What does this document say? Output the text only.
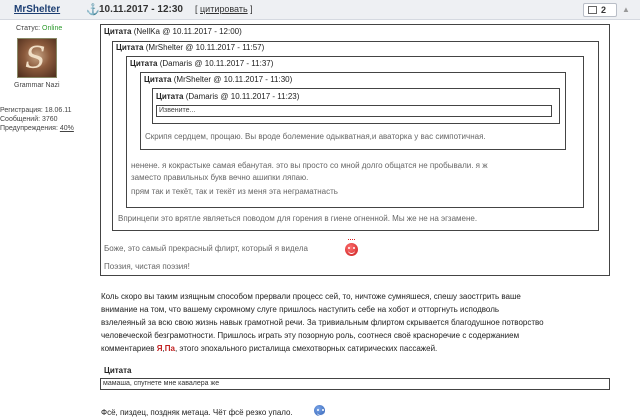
MrShelter ⚓ 10.11.2017 - 12:30 [ цитировать ]	2 ▲
Статус: Online
S
Grammar Nazi
Регистрация: 18.06.11
Сообщений: 3760
Предупреждения: 40%
Цитата (NellKa @ 10.11.2017 - 12:00)
Цитата (MrShelter @ 10.11.2017 - 11:57)
Цитата (Damaris @ 10.11.2017 - 11:37)
Цитата (MrShelter @ 10.11.2017 - 11:30)
Цитата (Damaris @ 10.11.2017 - 11:23)
Извените...
Скрипя сердцем, прощаю. Вы вроде болемение одыкватная,и аваторка у вас симпотичная.
ненене. я кокрастыке самая ебанутая. это вы просто со мной долго общатся не пробывали. я ж
заместо правильных букв вечно ашипки ляпаю.
прям так и текёт, так и текёт из меня эта неграматнасть
Впринцепи это врятле являеться поводом для горения в гиене огненной. Мы же не на эгзамене.
Боже, это самый прекрасный флирт, который я видела
Поэзия, чистая поэзия!
Коль скоро вы таким изящным способом прервали процесс сей, то, ничтоже сумняшеся, спешу заостгрить ваше
внимание на том, что вашему скромному слуге пришлось наступить себе на хобот и отторгнуть исподволь
взлелеяный за всю свою жизнь навык грамотной речи. За тривиальным флиртом скрывается благодушное потворство
человеческой безграмотности. Пришлось играть эту позорную роль, соотнеся своё красноречие с содержанием
комментариев Я,Па, этого эпохального ристалища смехотворных сатирических пассажей.
Цитата
мамаша, спугнете мне кавалера же
Фсё, пиздец, поздняк метаца. Чёт фсё резко упало.
